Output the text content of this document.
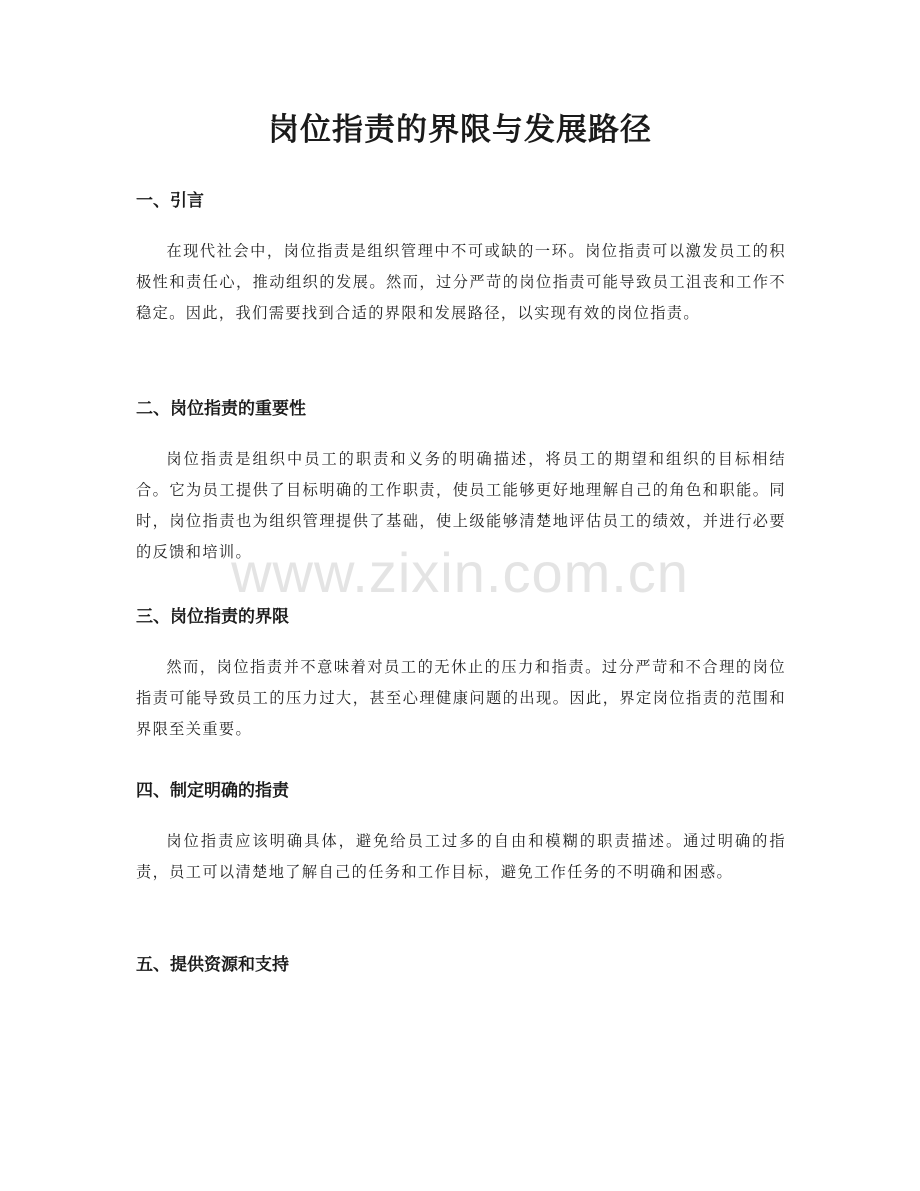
岗位指责的界限与发展路径
一、引言

在现代社会中，岗位指责是组织管理中不可或缺的一环。岗位指责可以激发员工的积极性和责任心，推动组织的发展。然而，过分严苛的岗位指责可能导致员工沮丧和工作不稳定。因此，我们需要找到合适的界限和发展路径，以实现有效的岗位指责。

二、岗位指责的重要性

岗位指责是组织中员工的职责和义务的明确描述，将员工的期望和组织的目标相结合。它为员工提供了目标明确的工作职责，使员工能够更好地理解自己的角色和职能。同时，岗位指责也为组织管理提供了基础，使上级能够清楚地评估员工的绩效，并进行必要的反馈和培训。

三、岗位指责的界限

然而，岗位指责并不意味着对员工的无休止的压力和指责。过分严苛和不合理的岗位指责可能导致员工的压力过大，甚至心理健康问题的出现。因此，界定岗位指责的范围和界限至关重要。

四、制定明确的指责

岗位指责应该明确具体，避免给员工过多的自由和模糊的职责描述。通过明确的指责，员工可以清楚地了解自己的任务和工作目标，避免工作任务的不明确和困惑。

五、提供资源和支持
www.zixin.com.cn
